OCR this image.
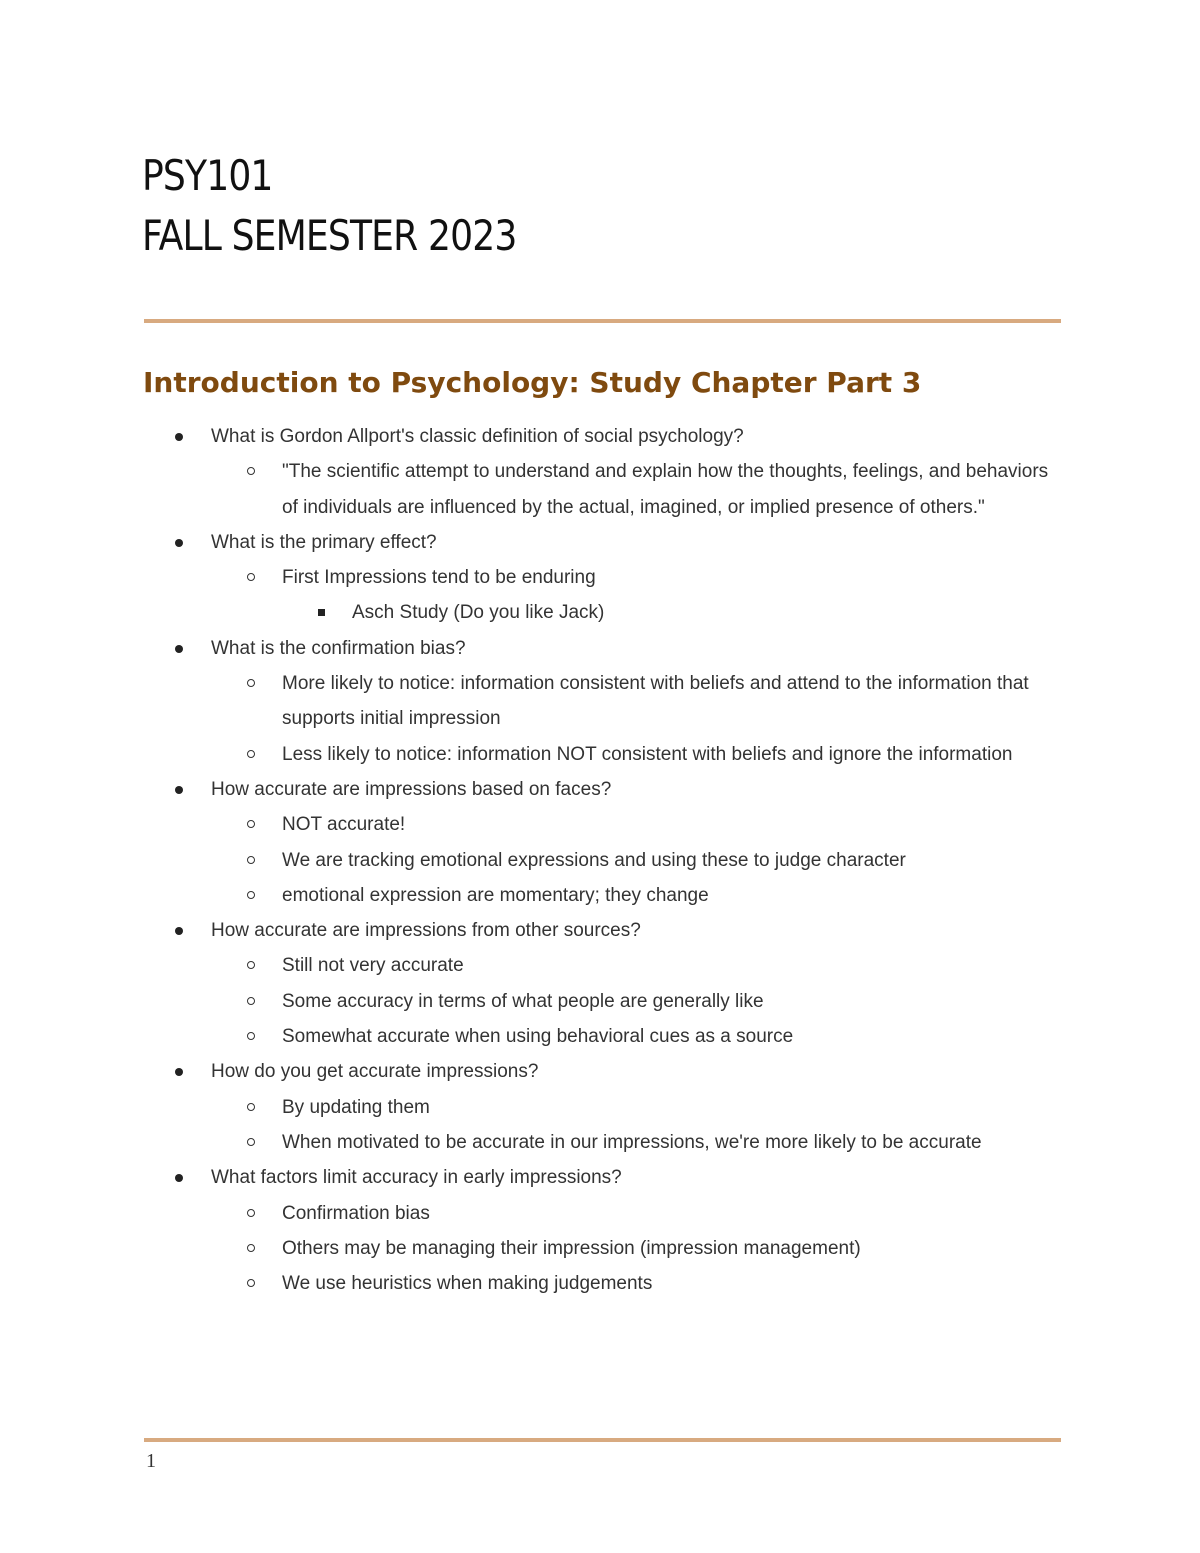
PSY101
FALL SEMESTER 2023
Introduction to Psychology: Study Chapter Part 3
What is Gordon Allport's classic definition of social psychology?
"The scientific attempt to understand and explain how the thoughts, feelings, and behaviors of individuals are influenced by the actual, imagined, or implied presence of others."
What is the primary effect?
First Impressions tend to be enduring
Asch Study (Do you like Jack)
What is the confirmation bias?
More likely to notice: information consistent with beliefs and attend to the information that supports initial impression
Less likely to notice: information NOT consistent with beliefs and ignore the information
How accurate are impressions based on faces?
NOT accurate!
We are tracking emotional expressions and using these to judge character
emotional expression are momentary; they change
How accurate are impressions from other sources?
Still not very accurate
Some accuracy in terms of what people are generally like
Somewhat accurate when using behavioral cues as a source
How do you get accurate impressions?
By updating them
When motivated to be accurate in our impressions, we're more likely to be accurate
What factors limit accuracy in early impressions?
Confirmation bias
Others may be managing their impression (impression management)
We use heuristics when making judgements
1
